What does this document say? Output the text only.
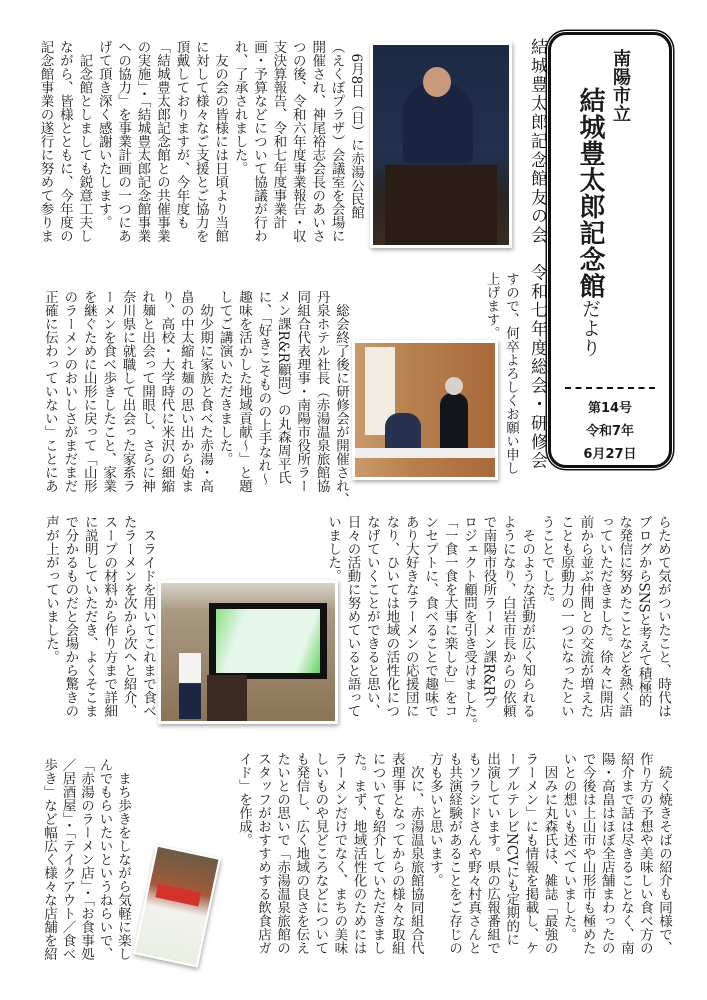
南陽市立
結城豊太郎記念館だより
第14号
令和7年
6月27日
結城豊太郎記念館友の会　令和七年度総会・研修会
　6月8日（日）に赤湯公民館
（えくぼプラザ）会議室を会場に
開催され、神尾裕志会長のあいさ
つの後、令和六年度事業報告・収
支決算報告、令和七年度事業計
画・予算などについて協議が行わ
れ、了承されました。
　友の会の皆様には日頃より当館
に対して様々なご支援とご協力を
頂戴しておりますが、今年度も
「結城豊太郎記念館との共催事業
の実施」・「結城豊太郎記念館事業
への協力」を事業計画の一つにあ
げて頂き深く感謝いたします。
　記念館としましても鋭意工夫し
ながら、皆様とともに、今年度の
記念館事業の遂行に努めて参りま
すので、何卒よろしくお願い申し
上げます。
　総会終了後に研修会が開催され、
丹泉ホテル社長（赤湯温泉旅館協
同組合代表理事・南陽市役所ラー
メン課R&R顧問）の丸森周平氏
に、「好きこそものの上手なれ～
趣味を活かした地域貢献～」と題
してご講演いただきました。
　幼少期に家族と食べた赤湯・高
畠の中太縮れ麺の思い出から始ま
り、高校・大学時代に米沢の細縮
れ麺と出会って開眼し、さらに神
奈川県に就職して出会った家系ラ
ーメンを食べ歩きしたこと、家業
を継ぐために山形に戻って「山形
のラーメンのおいしさがまだまだ
正確に伝わっていない」ことにあ
らためて気がついたこと、時代は
ブログからSNSと考えて積極的
な発信に努めたことなどを熱く語
っていただきました。徐々に開店
前から並ぶ仲間との交流が増えた
ことも原動力の一つになったとい
うことでした。
　そのような活動が広く知られる
ようになり、白岩市長からの依頼
で南陽市役所ラーメン課R&Rプ
ロジェクト顧問を引き受けました。
「一食一食を大事に楽しむ」をコ
ンセプトに、食べることで趣味で
あり大好きなラーメンの応援団に
なり、ひいては地域の活性化につ
なげていくことができると思い、
日々の活動に努めていると語って
いました。
　スライドを用いてこれまで食べ
たラーメンを次から次へと紹介、
スープの材料から作り方まで詳細
に説明していただき、よくそこま
で分かるものだと会場から驚きの
声が上がっていました。
　続く焼きそばの紹介も同様で、
作り方の予想や美味しい食べ方の
紹介まで話は尽きることなく、南
陽・高畠はほぼ全店舗まわったの
で今後は上山市や山形市も極めた
いとの想いも述べていました。
　因みに丸森氏は、雑誌「最強の
ラーメン」にも情報を掲載し、ケ
ーブルテレビNCVにも定期的に
出演しています。県の広報番組で
もソラシドさんや野々村真さんと
も共演経験があることをご存じの
方も多いと思います。
　次に、赤湯温泉旅館協同組合代
表理事となってからの様々な取組
についても紹介していただきまし
た。まず、地域活性化のためには
ラーメンだけでなく、まちの美味
しいものや見どころなどについて
も発信し、広く地域の良さを伝え
たいとの思いで「赤湯温泉旅館の
スタッフがおすすめする飲食店ガ
イド」を作成。
　まち歩きをしながら気軽に楽し
んでもらいたいというねらいで、
「赤湯のラーメン店」・「お食事処
／居酒屋」・「テイクアウト／食べ
歩き」など幅広く様々な店舗を紹
